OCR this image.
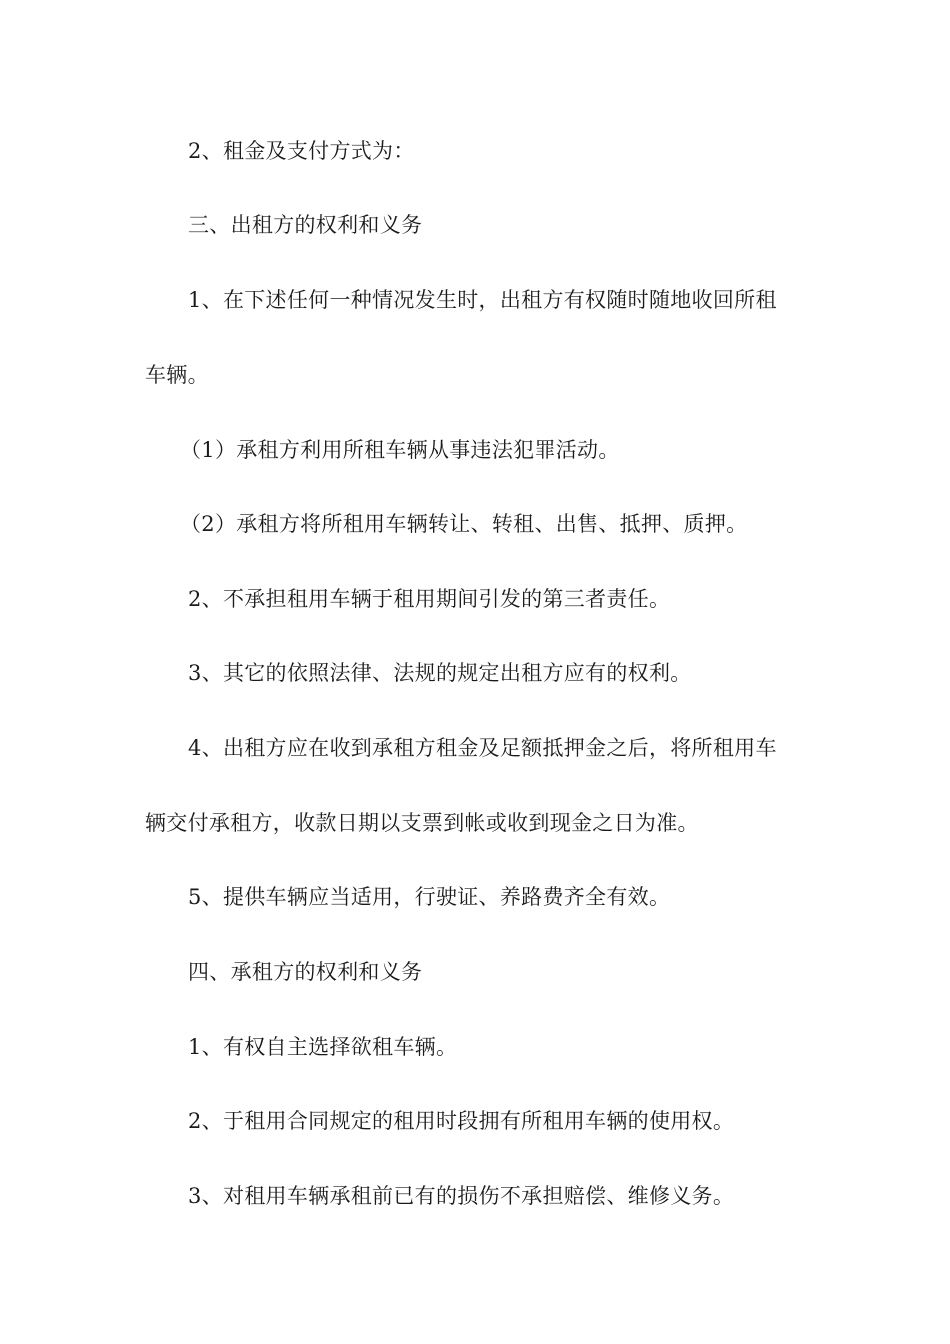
2、租金及支付方式为：
三、出租方的权利和义务
1、在下述任何一种情况发生时，出租方有权随时随地收回所租
车辆。
（1）承租方利用所租车辆从事违法犯罪活动。
（2）承租方将所租用车辆转让、转租、出售、抵押、质押。
2、不承担租用车辆于租用期间引发的第三者责任。
3、其它的依照法律、法规的规定出租方应有的权利。
4、出租方应在收到承租方租金及足额抵押金之后，将所租用车
辆交付承租方，收款日期以支票到帐或收到现金之日为准。
5、提供车辆应当适用，行驶证、养路费齐全有效。
四、承租方的权利和义务
1、有权自主选择欲租车辆。
2、于租用合同规定的租用时段拥有所租用车辆的使用权。
3、对租用车辆承租前已有的损伤不承担赔偿、维修义务。
